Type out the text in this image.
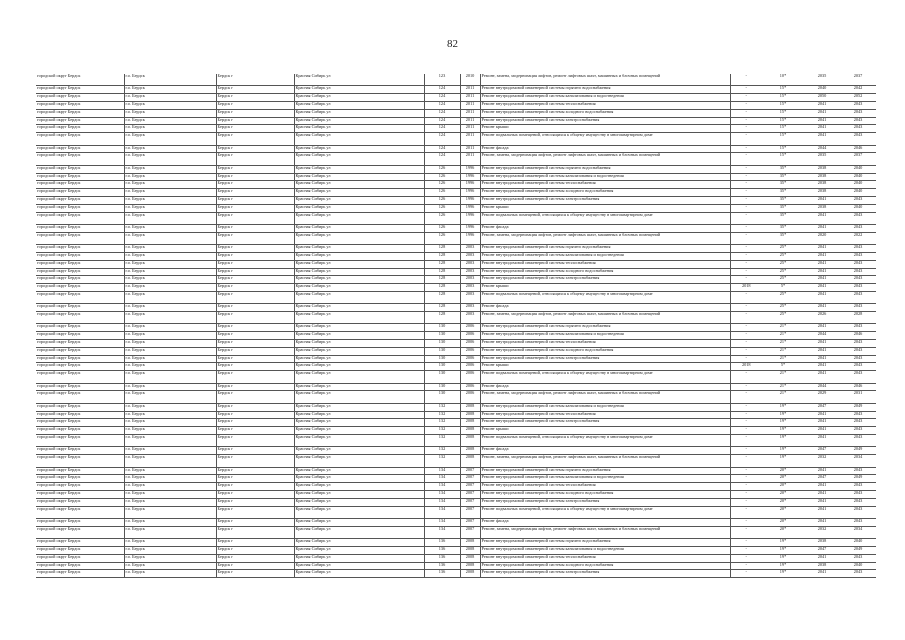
82
городской округ Бердск	г.о. Бердск	Бердск г	Красная Сибирь ул	123	2010	Ремонт, замена, модернизация лифтов, ремонт лифтовых шахт, машинных и блочных помещений	-	10*	2035	2037
городской округ Бердск	г.о. Бердск	Бердск г	Красная Сибирь ул	124	2011	Ремонт внутридомовой инженерной системы горячего водоснабжения	-	15*	2040	2042
городской округ Бердск	г.о. Бердск	Бердск г	Красная Сибирь ул	124	2011	Ремонт внутридомовой инженерной системы канализования и водоотведения	-	15*	2050	2052
городской округ Бердск	г.о. Бердск	Бердск г	Красная Сибирь ул	124	2011	Ремонт внутридомовой инженерной системы теплоснабжения	-	15*	2041	2043
городской округ Бердск	г.о. Бердск	Бердск г	Красная Сибирь ул	124	2011	Ремонт внутридомовой инженерной системы холодного водоснабжения	-	15*	2041	2043
городской округ Бердск	г.о. Бердск	Бердск г	Красная Сибирь ул	124	2011	Ремонт внутридомовой инженерной системы электроснабжения	-	15*	2041	2043
городской округ Бердск	г.о. Бердск	Бердск г	Красная Сибирь ул	124	2011	Ремонт крыши	-	15*	2041	2043
городской округ Бердск	г.о. Бердск	Бердск г	Красная Сибирь ул	124	2011	Ремонт подвальных помещений, относящихся к общему имуществу в многоквартирном доме	-	15*	2041	2043
городской округ Бердск	г.о. Бердск	Бердск г	Красная Сибирь ул	124	2011	Ремонт фасада	-	15*	2044	2046
городской округ Бердск	г.о. Бердск	Бердск г	Красная Сибирь ул	124	2011	Ремонт, замена, модернизация лифтов, ремонт лифтовых шахт, машинных и блочных помещений	-	15*	2035	2037
городской округ Бердск	г.о. Бердск	Бердск г	Красная Сибирь ул	126	1996	Ремонт внутридомовой инженерной системы горячего водоснабжения	-	35*	2038	2040
городской округ Бердск	г.о. Бердск	Бердск г	Красная Сибирь ул	126	1996	Ремонт внутридомовой инженерной системы канализования и водоотведения	-	35*	2038	2040
городской округ Бердск	г.о. Бердск	Бердск г	Красная Сибирь ул	126	1996	Ремонт внутридомовой инженерной системы теплоснабжения	-	35*	2038	2040
городской округ Бердск	г.о. Бердск	Бердск г	Красная Сибирь ул	126	1996	Ремонт внутридомовой инженерной системы холодного водоснабжения	-	35*	2038	2040
городской округ Бердск	г.о. Бердск	Бердск г	Красная Сибирь ул	126	1996	Ремонт внутридомовой инженерной системы электроснабжения	-	35*	2041	2043
городской округ Бердск	г.о. Бердск	Бердск г	Красная Сибирь ул	126	1996	Ремонт крыши	-	35*	2038	2040
городской округ Бердск	г.о. Бердск	Бердск г	Красная Сибирь ул	126	1996	Ремонт подвальных помещений, относящихся к общему имуществу в многоквартирном доме	-	35*	2041	2043
городской округ Бердск	г.о. Бердск	Бердск г	Красная Сибирь ул	126	1996	Ремонт фасада	-	35*	2041	2043
городской округ Бердск	г.о. Бердск	Бердск г	Красная Сибирь ул	126	1996	Ремонт, замена, модернизация лифтов, ремонт лифтовых шахт, машинных и блочных помещений	-	35*	2020	2022
городской округ Бердск	г.о. Бердск	Бердск г	Красная Сибирь ул	128	2003	Ремонт внутридомовой инженерной системы горячего водоснабжения	-	25*	2041	2043
городской округ Бердск	г.о. Бердск	Бердск г	Красная Сибирь ул	128	2003	Ремонт внутридомовой инженерной системы канализования и водоотведения	-	25*	2041	2043
городской округ Бердск	г.о. Бердск	Бердск г	Красная Сибирь ул	128	2003	Ремонт внутридомовой инженерной системы теплоснабжения	-	25*	2041	2043
городской округ Бердск	г.о. Бердск	Бердск г	Красная Сибирь ул	128	2003	Ремонт внутридомовой инженерной системы холодного водоснабжения	-	25*	2041	2043
городской округ Бердск	г.о. Бердск	Бердск г	Красная Сибирь ул	128	2003	Ремонт внутридомовой инженерной системы электроснабжения	-	25*	2041	2043
городской округ Бердск	г.о. Бердск	Бердск г	Красная Сибирь ул	128	2003	Ремонт крыши	2018	5*	2041	2043
городской округ Бердск	г.о. Бердск	Бердск г	Красная Сибирь ул	128	2003	Ремонт подвальных помещений, относящихся к общему имуществу в многоквартирном доме	-	25*	2041	2043
городской округ Бердск	г.о. Бердск	Бердск г	Красная Сибирь ул	128	2003	Ремонт фасада	-	25*	2041	2043
городской округ Бердск	г.о. Бердск	Бердск г	Красная Сибирь ул	128	2003	Ремонт, замена, модернизация лифтов, ремонт лифтовых шахт, машинных и блочных помещений	-	25*	2026	2028
городской округ Бердск	г.о. Бердск	Бердск г	Красная Сибирь ул	130	2006	Ремонт внутридомовой инженерной системы горячего водоснабжения	-	21*	2041	2043
городской округ Бердск	г.о. Бердск	Бердск г	Красная Сибирь ул	130	2006	Ремонт внутридомовой инженерной системы канализования и водоотведения	-	21*	2044	2046
городской округ Бердск	г.о. Бердск	Бердск г	Красная Сибирь ул	130	2006	Ремонт внутридомовой инженерной системы теплоснабжения	-	21*	2041	2043
городской округ Бердск	г.о. Бердск	Бердск г	Красная Сибирь ул	130	2006	Ремонт внутридомовой инженерной системы холодного водоснабжения	-	21*	2041	2043
городской округ Бердск	г.о. Бердск	Бердск г	Красная Сибирь ул	130	2006	Ремонт внутридомовой инженерной системы электроснабжения	-	21*	2041	2043
городской округ Бердск	г.о. Бердск	Бердск г	Красная Сибирь ул	130	2006	Ремонт крыши	2018	5*	2041	2043
городской округ Бердск	г.о. Бердск	Бердск г	Красная Сибирь ул	130	2006	Ремонт подвальных помещений, относящихся к общему имуществу в многоквартирном доме	-	21*	2041	2043
городской округ Бердск	г.о. Бердск	Бердск г	Красная Сибирь ул	130	2006	Ремонт фасада	-	21*	2044	2046
городской округ Бердск	г.о. Бердск	Бердск г	Красная Сибирь ул	130	2006	Ремонт, замена, модернизация лифтов, ремонт лифтовых шахт, машинных и блочных помещений	-	21*	2029	2031
городской округ Бердск	г.о. Бердск	Бердск г	Красная Сибирь ул	132	2008	Ремонт внутридомовой инженерной системы канализования и водоотведения	-	19*	2047	2049
городской округ Бердск	г.о. Бердск	Бердск г	Красная Сибирь ул	132	2008	Ремонт внутридомовой инженерной системы теплоснабжения	-	19*	2041	2043
городской округ Бердск	г.о. Бердск	Бердск г	Красная Сибирь ул	132	2008	Ремонт внутридомовой инженерной системы электроснабжения	-	19*	2041	2043
городской округ Бердск	г.о. Бердск	Бердск г	Красная Сибирь ул	132	2008	Ремонт крыши	-	19*	2041	2043
городской округ Бердск	г.о. Бердск	Бердск г	Красная Сибирь ул	132	2008	Ремонт подвальных помещений, относящихся к общему имуществу в многоквартирном доме	-	19*	2041	2043
городской округ Бердск	г.о. Бердск	Бердск г	Красная Сибирь ул	132	2008	Ремонт фасада	-	19*	2047	2049
городской округ Бердск	г.о. Бердск	Бердск г	Красная Сибирь ул	132	2008	Ремонт, замена, модернизация лифтов, ремонт лифтовых шахт, машинных и блочных помещений	-	19*	2032	2034
городской округ Бердск	г.о. Бердск	Бердск г	Красная Сибирь ул	134	2007	Ремонт внутридомовой инженерной системы горячего водоснабжения	-	20*	2041	2043
городской округ Бердск	г.о. Бердск	Бердск г	Красная Сибирь ул	134	2007	Ремонт внутридомовой инженерной системы канализования и водоотведения	-	20*	2047	2049
городской округ Бердск	г.о. Бердск	Бердск г	Красная Сибирь ул	134	2007	Ремонт внутридомовой инженерной системы теплоснабжения	-	20*	2041	2043
городской округ Бердск	г.о. Бердск	Бердск г	Красная Сибирь ул	134	2007	Ремонт внутридомовой инженерной системы холодного водоснабжения	-	20*	2041	2043
городской округ Бердск	г.о. Бердск	Бердск г	Красная Сибирь ул	134	2007	Ремонт внутридомовой инженерной системы электроснабжения	-	20*	2041	2043
городской округ Бердск	г.о. Бердск	Бердск г	Красная Сибирь ул	134	2007	Ремонт подвальных помещений, относящихся к общему имуществу в многоквартирном доме	-	20*	2041	2043
городской округ Бердск	г.о. Бердск	Бердск г	Красная Сибирь ул	134	2007	Ремонт фасада	-	20*	2041	2043
городской округ Бердск	г.о. Бердск	Бердск г	Красная Сибирь ул	134	2007	Ремонт, замена, модернизация лифтов, ремонт лифтовых шахт, машинных и блочных помещений	-	20*	2032	2034
городской округ Бердск	г.о. Бердск	Бердск г	Красная Сибирь ул	136	2008	Ремонт внутридомовой инженерной системы горячего водоснабжения	-	19*	2038	2040
городской округ Бердск	г.о. Бердск	Бердск г	Красная Сибирь ул	136	2008	Ремонт внутридомовой инженерной системы канализования и водоотведения	-	19*	2047	2049
городской округ Бердск	г.о. Бердск	Бердск г	Красная Сибирь ул	136	2008	Ремонт внутридомовой инженерной системы теплоснабжения	-	19*	2041	2043
городской округ Бердск	г.о. Бердск	Бердск г	Красная Сибирь ул	136	2008	Ремонт внутридомовой инженерной системы холодного водоснабжения	-	19*	2038	2040
городской округ Бердск	г.о. Бердск	Бердск г	Красная Сибирь ул	136	2008	Ремонт внутридомовой инженерной системы электроснабжения	-	19*	2041	2043
